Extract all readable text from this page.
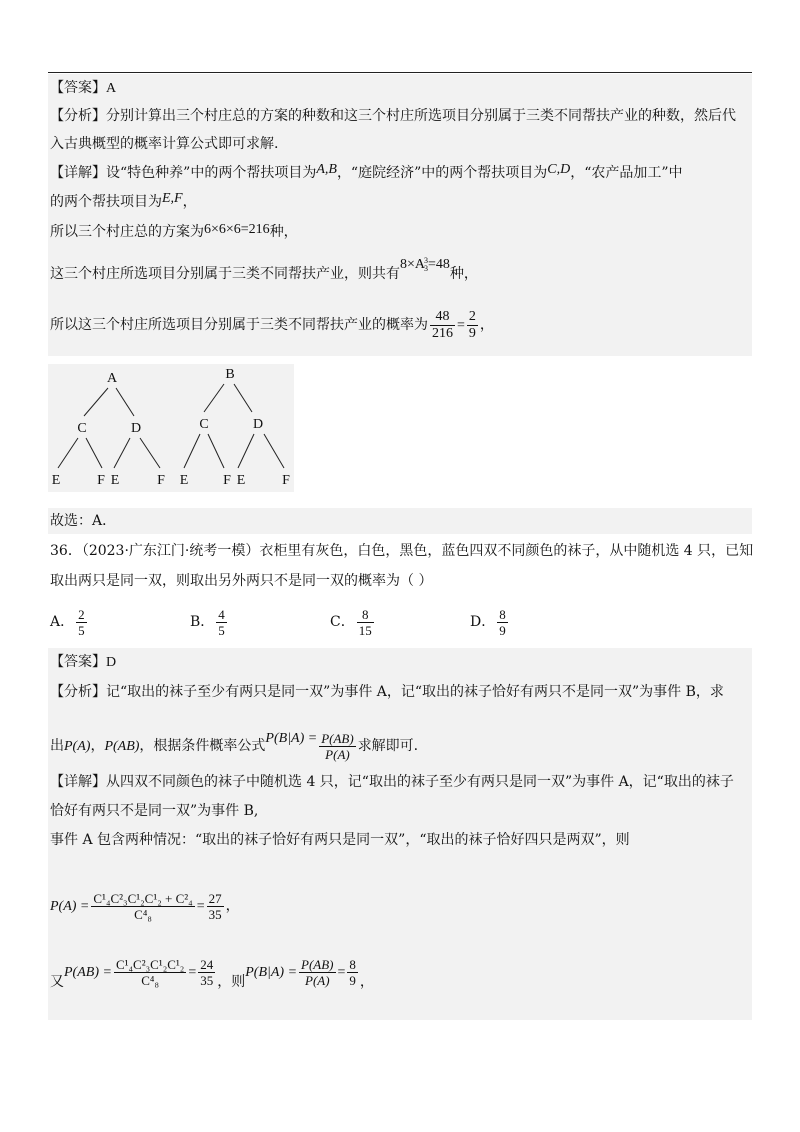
【答案】A
【分析】分别计算出三个村庄总的方案的种数和这三个村庄所选项目分别属于三类不同帮扶产业的种数，然后代
入古典概型的概率计算公式即可求解.
【详解】设“特色种养”中的两个帮扶项目为A,B，“庭院经济”中的两个帮扶项目为C,D，“农产品加工”中
的两个帮扶项目为E,F，
所以三个村庄总的方案为6×6×6=216种，
这三个村庄所选项目分别属于三类不同帮扶产业，则共有8×A 3
3 =48种，
所以这三个村庄所选项目分别属于三类不同帮扶产业的概率为 $\frac{48}{216} = \frac{2}{9}$ ，
A
C	D
E	F E	F
B
C	D
E F E	F
故选：A．
36．（2023·广东江门·统考一模）衣柜里有灰色，白色，黑色，蓝色四双不同颜色的袜子，从中随机选 4 只，已知
取出两只是同一双，则取出另外两只不是同一双的概率为（ ）
A． $\frac{2}{5}$	B． $\frac{4}{5}$	C． $\frac{8}{15}$	D． $\frac{8}{9}$
【答案】D
【分析】记“取出的袜子至少有两只是同一双”为事件 A，记“取出的袜子恰好有两只不是同一双”为事件 B，求
出P(A)，P(AB)，根据条件概率公式$P(B|A) = \frac{P(AB)}{P(A)}$ 求解即可.
【详解】从四双不同颜色的袜子中随机选 4 只，记“取出的袜子至少有两只是同一双”为事件 A，记“取出的袜子
恰好有两只不是同一双”为事件 B,
事件 A 包含两种情况：“取出的袜子恰好有两只是同一双”，“取出的袜子恰好四只是两双”，则
$P(A) = \frac{\text{C¹₄C²₃C¹₂C¹₂ + C²₄}}{\text{C⁴₈}} = \frac{27}{35}$ ，
又$P(AB) = \frac{\text{C¹₄C²₃C¹₂C¹₂}}{\text{C⁴₈}} = \frac{24}{35}$ ，则$P(B|A) = \frac{P(AB)}{P(A)} = \frac{8}{9}$ ，
